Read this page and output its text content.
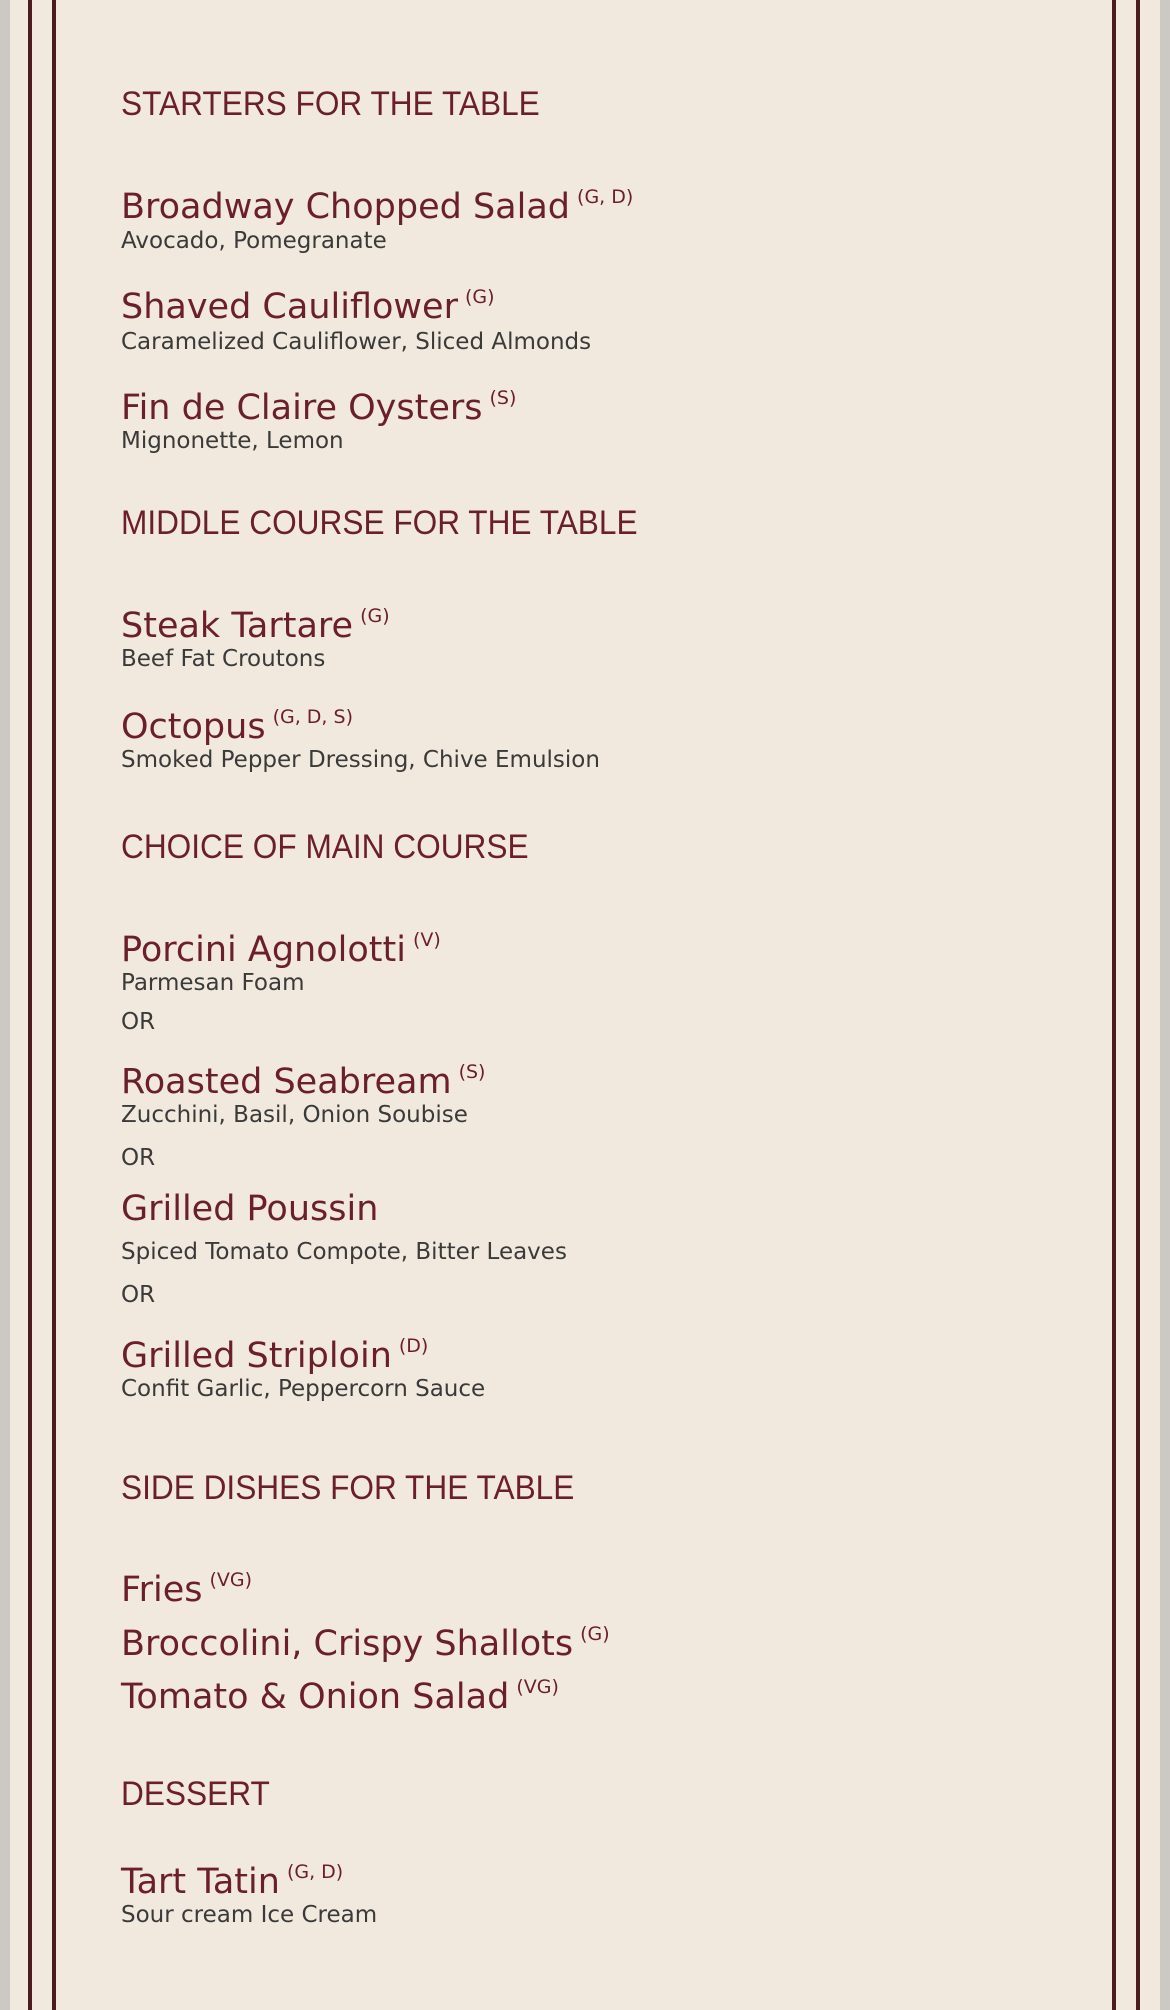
STARTERS FOR THE TABLE
Broadway Chopped Salad $^{(G, D)}$
Avocado, Pomegranate
Shaved Cauliflower $^{(G)}$
Caramelized Cauliflower, Sliced Almonds
Fin de Claire Oysters $^{(S)}$
Mignonette, Lemon
MIDDLE COURSE FOR THE TABLE
Steak Tartare $^{(G)}$
Beef Fat Croutons
Octopus $^{(G, D, S)}$
Smoked Pepper Dressing, Chive Emulsion
CHOICE OF MAIN COURSE
Porcini Agnolotti $^{(V)}$
Parmesan Foam
OR
Roasted Seabream $^{(S)}$
Zucchini, Basil, Onion Soubise
OR
Grilled Poussin
Spiced Tomato Compote, Bitter Leaves
OR
Grilled Striploin $^{(D)}$
Confit Garlic, Peppercorn Sauce
SIDE DISHES FOR THE TABLE
Fries $^{(VG)}$
Broccolini, Crispy Shallots $^{(G)}$
Tomato & Onion Salad $^{(VG)}$
DESSERT
Tart Tatin $^{(G, D)}$
Sour cream Ice Cream
